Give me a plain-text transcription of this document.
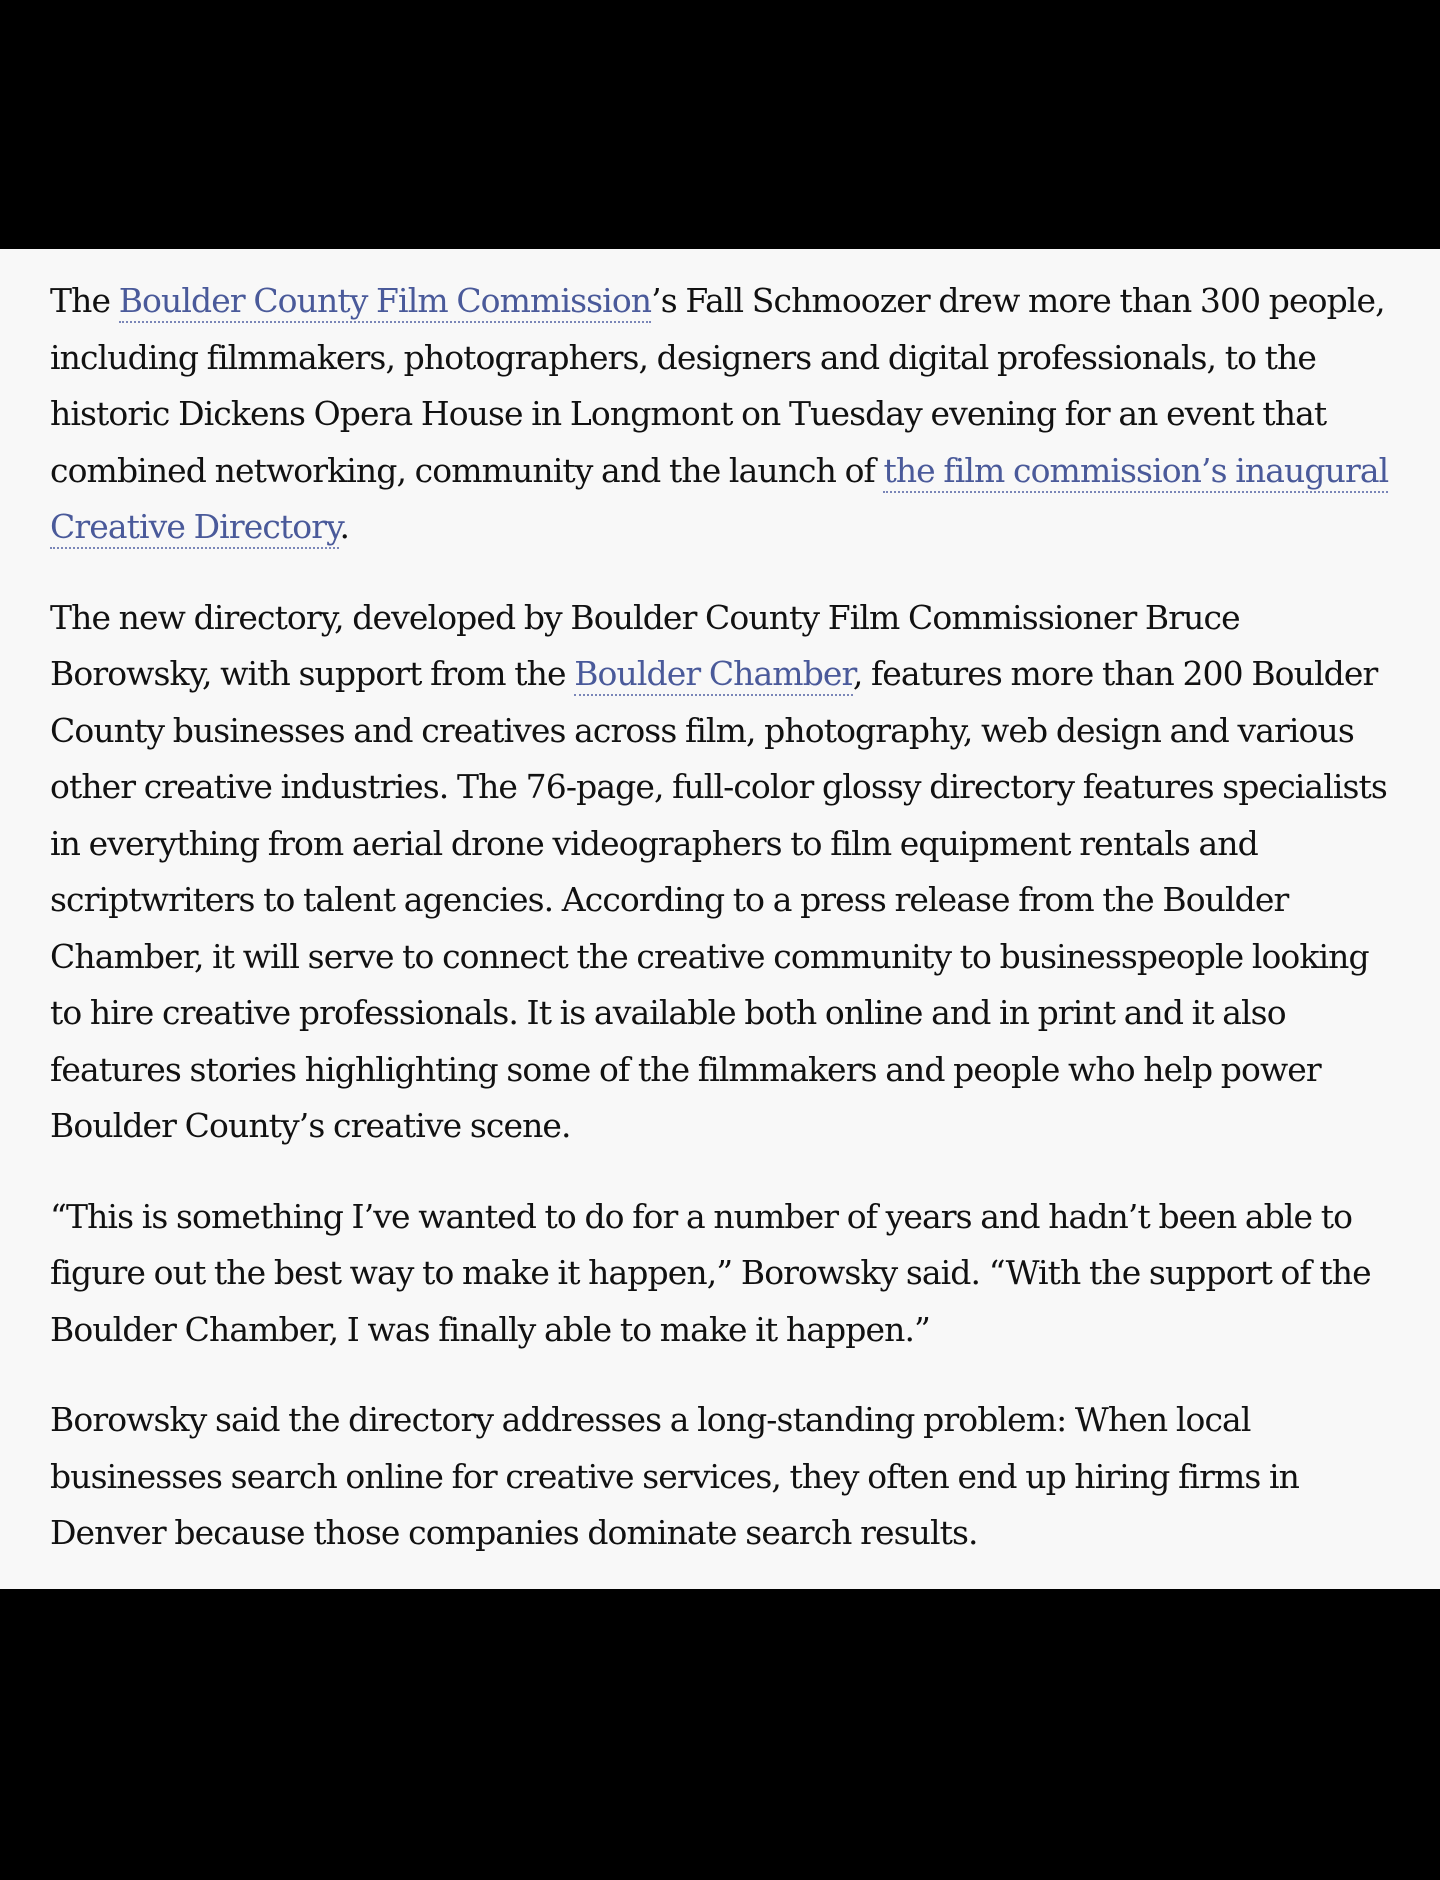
The Boulder County Film Commission’s Fall Schmoozer drew more than 300 people, including filmmakers, photographers, designers and digital professionals, to the historic Dickens Opera House in Longmont on Tuesday evening for an event that combined networking, community and the launch of the film commission’s inaugural Creative Directory.

The new directory, developed by Boulder County Film Commissioner Bruce Borowsky, with support from the Boulder Chamber, features more than 200 Boulder County businesses and creatives across film, photography, web design and various other creative industries. The 76-page, full-color glossy directory features specialists in everything from aerial drone videographers to film equipment rentals and scriptwriters to talent agencies. According to a press release from the Boulder Chamber, it will serve to connect the creative community to businesspeople looking to hire creative professionals. It is available both online and in print and it also features stories highlighting some of the filmmakers and people who help power Boulder County’s creative scene.

“This is something I’ve wanted to do for a number of years and hadn’t been able to figure out the best way to make it happen,” Borowsky said. “With the support of the Boulder Chamber, I was finally able to make it happen.”

Borowsky said the directory addresses a long-standing problem: When local businesses search online for creative services, they often end up hiring firms in Denver because those companies dominate search results.
